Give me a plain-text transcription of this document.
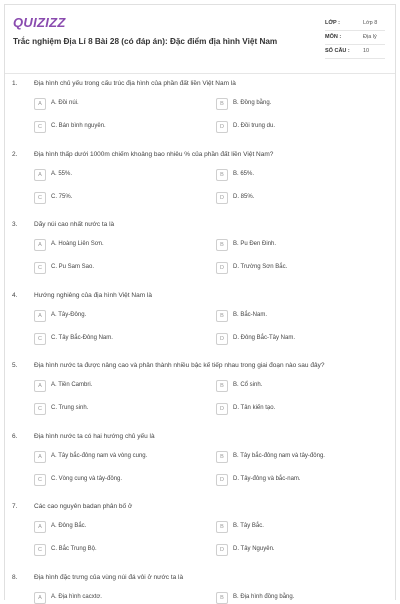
QUIZIZZ
Trắc nghiệm Địa Lí 8 Bài 28 (có đáp án): Đặc điểm địa hình Việt Nam
LỚP :	Lớp 8
MÔN :	Địa lý
SỐ CÂU : 10
1.	Địa hình chủ yếu trong cấu trúc địa hình của phần đất liền Việt Nam là
A	A. Đồi núi.	B	B. Đồng bằng.
C	C. Bán bình nguyên.	D	D. Đồi trung du.
2.	Địa hình thấp dưới 1000m chiếm khoảng bao nhiêu % của phần đất liền Việt Nam?
A	A. 55%.	B	B. 65%.
C	C. 75%.	D	D. 85%.
3.	Dãy núi cao nhất nước ta là
A	A. Hoàng Liên Sơn.	B	B. Pu Đen Đinh.
C	C. Pu Sam Sao.	D	D. Trường Sơn Bắc.
4.	Hướng nghiêng của địa hình Việt Nam là
A	A. Tây-Đông.	B	B. Bắc-Nam.
C	C. Tây Bắc-Đông Nam.	D	D. Đông Bắc-Tây Nam.
5.	Địa hình nước ta được nâng cao và phân thành nhiều bậc kế tiếp nhau trong giai đoạn nào sau đây?
A	A. Tiền Cambri.	B	B. Cổ sinh.
C	C. Trung sinh.	D	D. Tân kiến tạo.
6.	Địa hình nước ta có hai hướng chủ yếu là
A	A. Tây bắc-đông nam và vòng cung.	B	B. Tây bắc-đông nam và tây-đông.
C	C. Vòng cung và tây-đông.	D	D. Tây-đông và bắc-nam.
7.	Các cao nguyên badan phân bố ở
A	A. Đông Bắc.	B	B. Tây Bắc.
C	C. Bắc Trung Bộ.	D	D. Tây Nguyên.
8.	Địa hình đặc trưng của vùng núi đá vôi ở nước ta là
A	A. Địa hình cacxtơ.	B	B. Địa hình đồng bằng.
